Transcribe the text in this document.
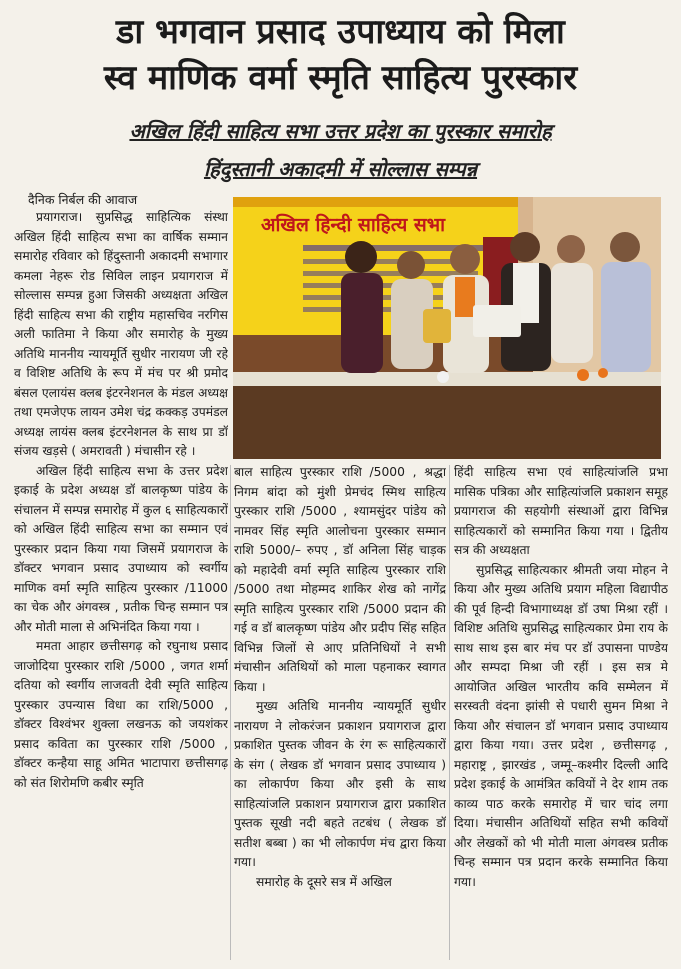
डा भगवान प्रसाद उपाध्याय को मिला
स्व माणिक वर्मा स्मृति साहित्य पुरस्कार
अखिल हिंदी साहित्य सभा उत्तर प्रदेश का पुरस्कार समारोह
हिंदुस्तानी अकादमी में सोल्लास सम्पन्न
दैनिक निर्बल की आवाज
अखिल हिन्दी साहित्य सभा

प्रयागराज। सुप्रसिद्ध साहित्यिक संस्था अखिल हिंदी साहित्य सभा का वार्षिक सम्मान समारोह रविवार को हिंदुस्तानी अकादमी सभागार कमला नेहरू रोड सिविल लाइन प्रयागराज में सोल्लास सम्पन्न हुआ जिसकी अध्यक्षता अखिल हिंदी साहित्य सभा की राष्ट्रीय महासचिव नरगिस अली फातिमा ने किया और समारोह के मुख्य अतिथि माननीय न्यायमूर्ति सुधीर नारायण जी रहे व विशिष्ट अतिथि के रूप में मंच पर श्री प्रमोद बंसल एलायंस क्लब इंटरनेशनल के मंडल अध्यक्ष तथा एमजेएफ लायन उमेश चंद्र कक्कड़ उपमंडल अध्यक्ष लायंस क्लब इंटरनेशनल के साथ प्रा डॉ संजय खड़से ( अमरावती ) मंचासीन रहे ।

अखिल हिंदी साहित्य सभा के उत्तर प्रदेश इकाई के प्रदेश अध्यक्ष डॉ बालकृष्ण पांडेय के संचालन में सम्पन्न समारोह में कुल ६ साहित्यकारों को अखिल हिंदी साहित्य सभा का सम्मान एवं पुरस्कार प्रदान किया गया जिसमें प्रयागराज के डॉक्टर भगवान प्रसाद उपाध्याय को स्वर्गीय माणिक वर्मा स्मृति साहित्य पुरस्कार /11000 का चेक और अंगवस्त्र , प्रतीक चिन्ह सम्मान पत्र और मोती माला से अभिनंदित किया गया ।

ममता आहार छत्तीसगढ़ को रघुनाथ प्रसाद जाजोदिया पुरस्कार राशि /5000 , जगत शर्मा दतिया को स्वर्गीय लाजवती देवी स्मृति साहित्य पुरस्कार उपन्यास विधा का राशि/5000 , डॉक्टर विश्वंभर शुक्ला लखनऊ को जयशंकर प्रसाद कविता का पुरस्कार राशि /5000 , डॉक्टर कन्हैया साहू अमित भाटापारा छत्तीसगढ़ को संत शिरोमणि कबीर स्मृति

बाल साहित्य पुरस्कार राशि /5000 , श्रद्धा निगम बांदा को मुंशी प्रेमचंद स्मिथ साहित्य पुरस्कार राशि /5000 , श्यामसुंदर पांडेय को नामवर सिंह स्मृति आलोचना पुरस्कार सम्मान राशि 5000/– रुपए , डॉ अनिला सिंह चाड़क को महादेवी वर्मा स्मृति साहित्य पुरस्कार राशि /5000 तथा मोहम्मद शाकिर शेख को नागेंद्र स्मृति साहित्य पुरस्कार राशि /5000 प्रदान की गई व डॉ बालकृष्ण पांडेय और प्रदीप सिंह सहित विभिन्न जिलों से आए प्रतिनिधियों ने सभी मंचासीन अतिथियों को माला पहनाकर स्वागत किया ।

मुख्य अतिथि माननीय न्यायमूर्ति सुधीर नारायण ने लोकरंजन प्रकाशन प्रयागराज द्वारा प्रकाशित पुस्तक जीवन के रंग रू साहित्यकारों के संग ( लेखक डॉ भगवान प्रसाद उपाध्याय ) का लोकार्पण किया और इसी के साथ साहित्यांजलि प्रकाशन प्रयागराज द्वारा प्रकाशित पुस्तक सूखी नदी बहते तटबंध ( लेखक डॉ सतीश बब्बा ) का भी लोकार्पण मंच द्वारा किया गया।

समारोह के दूसरे सत्र में अखिल

हिंदी साहित्य सभा एवं साहित्यांजलि प्रभा मासिक पत्रिका और साहित्यांजलि प्रकाशन समूह प्रयागराज की सहयोगी संस्थाओं द्वारा विभिन्न साहित्यकारों को सम्मानित किया गया । द्वितीय सत्र की अध्यक्षता

सुप्रसिद्ध साहित्यकार श्रीमती जया मोहन ने किया और मुख्य अतिथि प्रयाग महिला विद्यापीठ की पूर्व हिन्दी विभागाध्यक्ष डॉ उषा मिश्रा रहीं । विशिष्ट अतिथि सुप्रसिद्ध साहित्यकार प्रेमा राय के साथ साथ इस बार मंच पर डॉ उपासना पाण्डेय और सम्पदा मिश्रा जी रहीं । इस सत्र मे आयोजित अखिल भारतीय कवि सम्मेलन में सरस्वती वंदना झांसी से पधारी सुमन मिश्रा ने किया और संचालन डॉ भगवान प्रसाद उपाध्याय द्वारा किया गया। उत्तर प्रदेश , छत्तीसगढ़ , महाराष्ट्र , झारखंड , जम्मू–कश्मीर दिल्ली आदि प्रदेश इकाई के आमंत्रित कवियों ने देर शाम तक काव्य पाठ करके समारोह में चार चांद लगा दिया। मंचासीन अतिथियों सहित सभी कवियों और लेखकों को भी मोती माला अंगवस्त्र प्रतीक चिन्ह सम्मान पत्र प्रदान करके सम्मानित किया गया।
